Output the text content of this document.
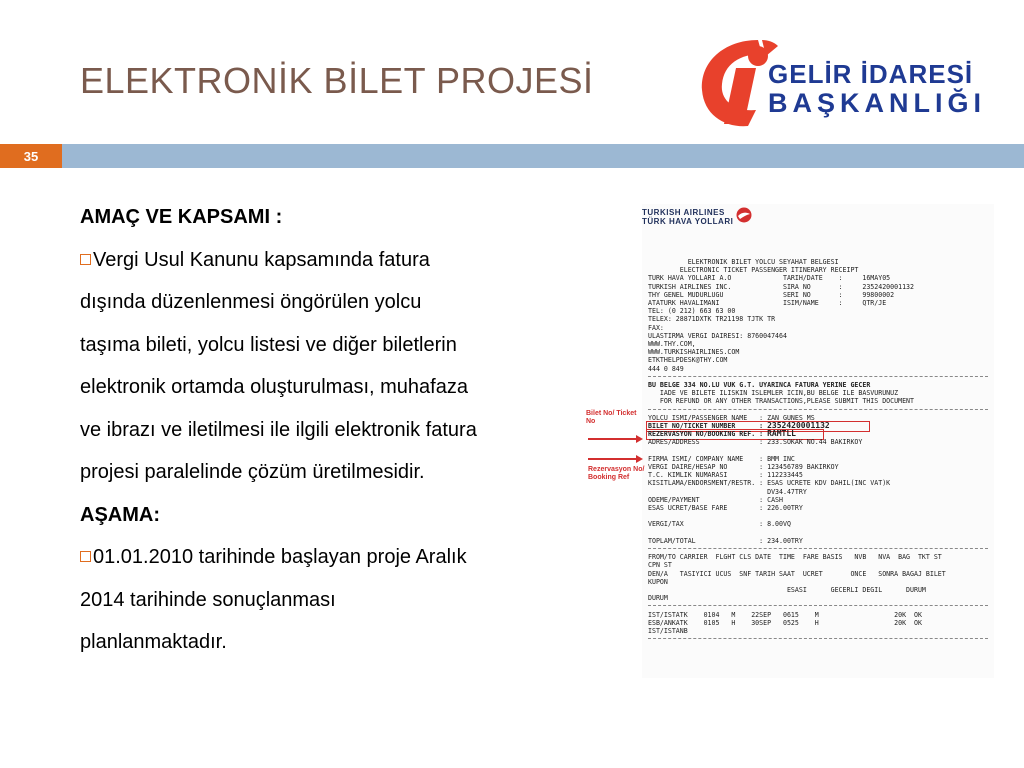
ELEKTRONİK BİLET PROJESİ	GELİR İDARESİ
BAŞKANLIĞI
35
AMAÇ VE KAPSAMI :
Vergi Usul Kanunu kapsamında fatura
dışında düzenlenmesi öngörülen yolcu
taşıma bileti, yolcu listesi ve diğer biletlerin
elektronik ortamda oluşturulması, muhafaza
ve ibrazı ve iletilmesi ile ilgili elektronik fatura
projesi paralelinde çözüm üretilmesidir.
AŞAMA:
01.01.2010 tarihinde başlayan proje Aralık
2014 tarihinde sonuçlanması
planlanmaktadır.
TURKISH AIRLINES
TÜRK HAVA YOLLARI
ELEKTRONIK BILET YOLCU SEYAHAT BELGESI
ELECTRONIC TICKET PASSENGER ITINERARY RECEIPT
TURK HAVA YOLLARI A.O             TARIH/DATE    :     16MAY05
TURKISH AIRLINES INC.             SIRA NO       :     2352420001132
THY GENEL MUDURLUGU               SERI NO       :     99800002
ATATURK HAVALIMANI                ISIM/NAME     :     QTR/JE
TEL: (0 212) 663 63 00
TELEX: 28871DXTK TR21198 TJTK TR
FAX:
ULASTIRMA VERGI DAIRESI: 8760047464
WWW.THY.COM,
WWW.TURKISHAIRLINES.COM
ETKTHELPDESK@THY.COM
444 0 849
BU BELGE 334 NO.LU VUK G.T. UYARINCA FATURA YERINE GECER
IADE VE BILETE ILISKIN ISLEMLER ICIN,BU BELGE ILE BASVURUNUZ
FOR REFUND OR ANY OTHER TRANSACTIONS,PLEASE SUBMIT THIS DOCUMENT
YOLCU ISMI/PASSENGER NAME   : ZAN GUNES MS
BILET NO/TICKET NUMBER      : 2352420001132
REZERVASYON NO/BOOKING REF. : RAMTLL
ADRES/ADDRESS               : 233.SOKAK NO.44 BAKIRKOY
FIRMA ISMI/ COMPANY NAME    : BMM INC
VERGI DAIRE/HESAP NO        : 123456789 BAKIRKOY
T.C. KIMLIK NUMARASI        : 112233445
KISITLAMA/ENDORSMENT/RESTR. : ESAS UCRETE KDV DAHIL(INC VAT)K
DV34.47TRY
ODEME/PAYMENT               : CASH
ESAS UCRET/BASE FARE        : 226.00TRY
VERGI/TAX                   : 8.00VQ
TOPLAM/TOTAL                : 234.00TRY
FROM/TO CARRIER  FLGHT CLS DATE  TIME  FARE BASIS   NVB   NVA  BAG  TKT ST
CPN ST
DEN/A   TASIYICI UCUS  SNF TARIH SAAT  UCRET       ONCE   SONRA BAGAJ BILET
KUPON
ESASI      GECERLI DEGIL      DURUM
DURUM
IST/ISTATK    0104   M    22SEP   0615    M                   20K  OK
ESB/ANKATK    0105   H    30SEP   0525    H                   20K  OK
IST/ISTANB
Bilet No/ Ticket No
Rezervasyon No/ Booking Ref
